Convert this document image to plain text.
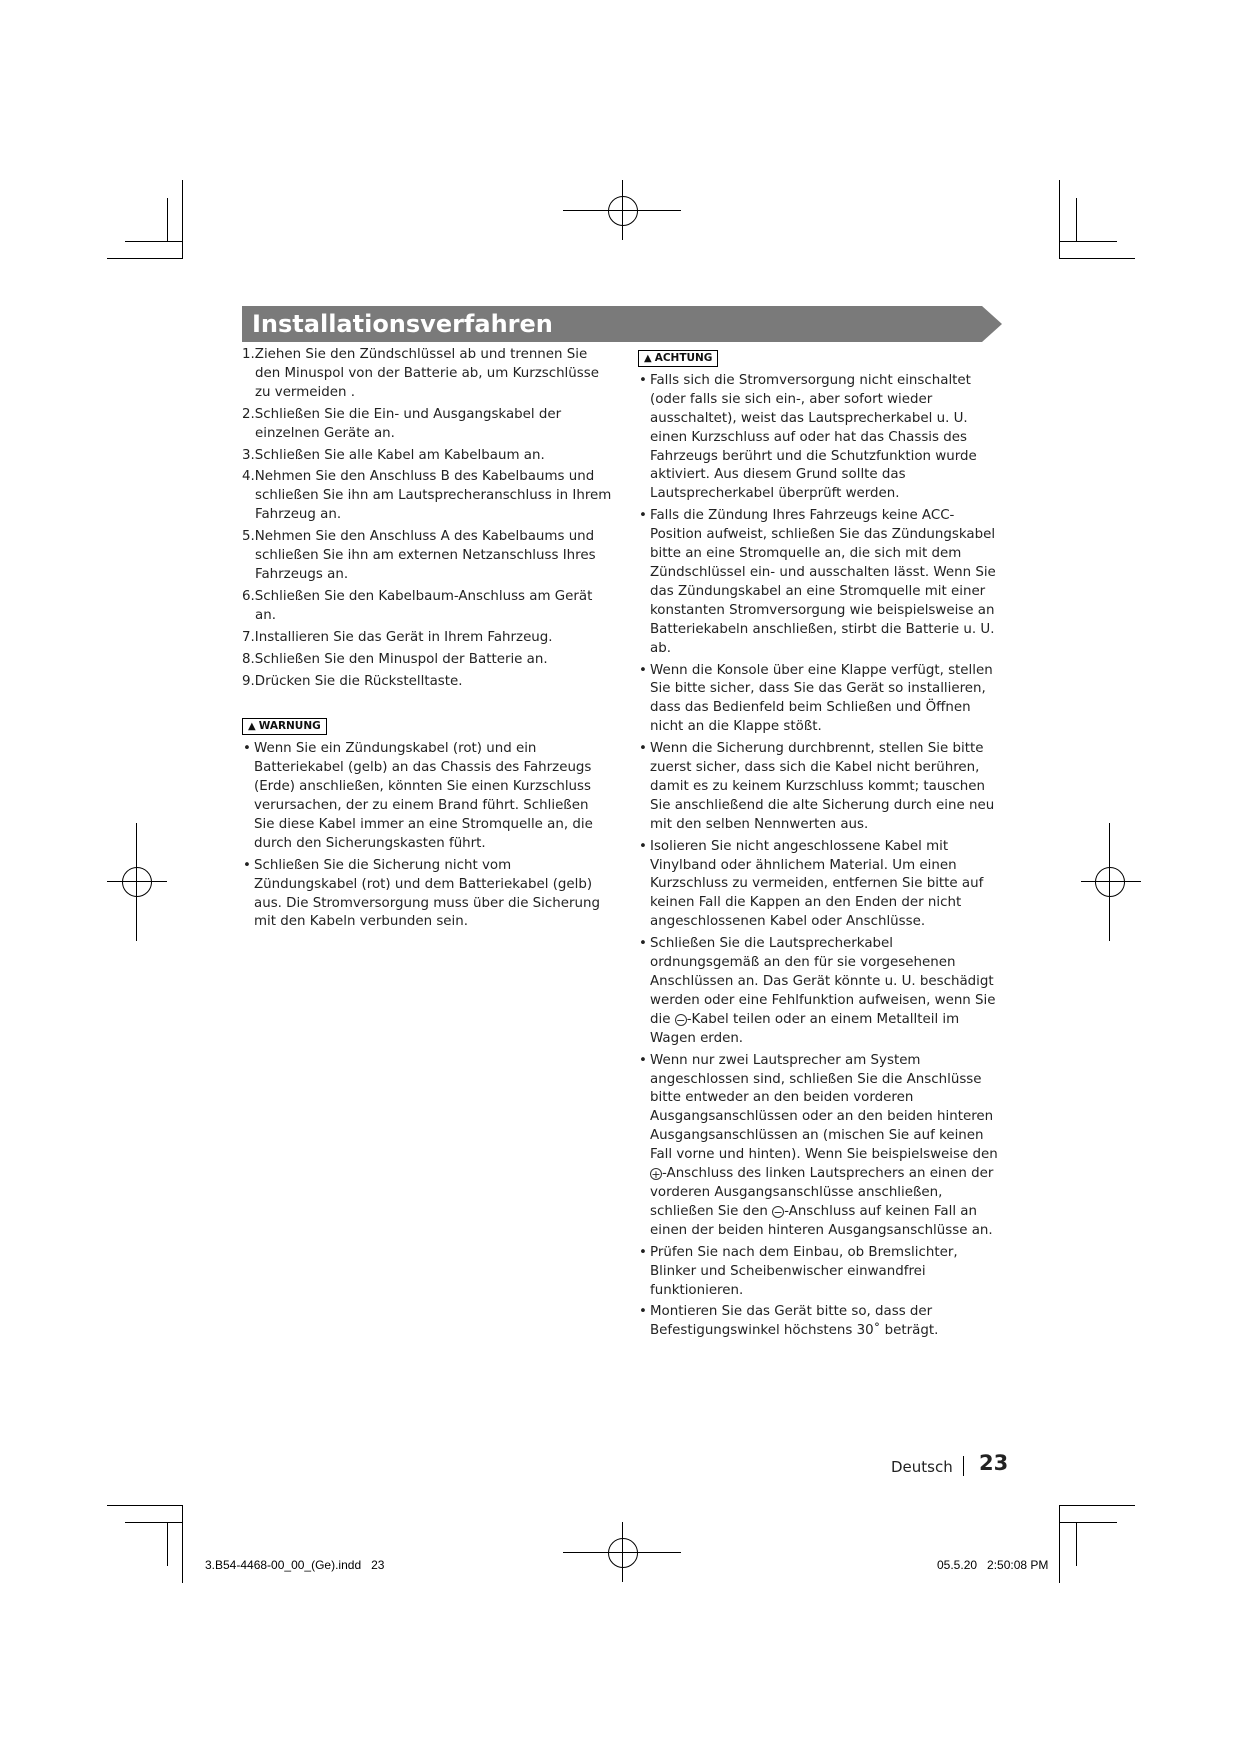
Installationsverfahren
1.Ziehen Sie den Zündschlüssel ab und trennen Sie den Minuspol von der Batterie ab, um Kurzschlüsse zu vermeiden .
2.Schließen Sie die Ein- und Ausgangskabel der einzelnen Geräte an.
3.Schließen Sie alle Kabel am Kabelbaum an.
4.Nehmen Sie den Anschluss B des Kabelbaums und schließen Sie ihn am Lautsprecheranschluss in Ihrem Fahrzeug an.
5.Nehmen Sie den Anschluss A des Kabelbaums und schließen Sie ihn am externen Netzanschluss Ihres Fahrzeugs an.
6.Schließen Sie den Kabelbaum-Anschluss am Gerät an.
7.Installieren Sie das Gerät in Ihrem Fahrzeug.
8.Schließen Sie den Minuspol der Batterie an.
9.Drücken Sie die Rückstelltaste.
▲ WARNUNG
• Wenn Sie ein Zündungskabel (rot) und ein Batteriekabel (gelb) an das Chassis des Fahrzeugs (Erde) anschließen, könnten Sie einen Kurzschluss verursachen, der zu einem Brand führt. Schließen Sie diese Kabel immer an eine Stromquelle an, die durch den Sicherungskasten führt.
• Schließen Sie die Sicherung nicht vom Zündungskabel (rot) und dem Batteriekabel (gelb) aus. Die Stromversorgung muss über die Sicherung mit den Kabeln verbunden sein.
▲ ACHTUNG
• Falls sich die Stromversorgung nicht einschaltet (oder falls sie sich ein-, aber sofort wieder ausschaltet), weist das Lautsprecherkabel u. U. einen Kurzschluss auf oder hat das Chassis des Fahrzeugs berührt und die Schutzfunktion wurde aktiviert. Aus diesem Grund sollte das Lautsprecherkabel überprüft werden.
• Falls die Zündung Ihres Fahrzeugs keine ACC-Position aufweist, schließen Sie das Zündungskabel bitte an eine Stromquelle an, die sich mit dem Zündschlüssel ein- und ausschalten lässt. Wenn Sie das Zündungskabel an eine Stromquelle mit einer konstanten Stromversorgung wie beispielsweise an Batteriekabeln anschließen, stirbt die Batterie u. U. ab.
• Wenn die Konsole über eine Klappe verfügt, stellen Sie bitte sicher, dass Sie das Gerät so installieren, dass das Bedienfeld beim Schließen und Öffnen nicht an die Klappe stößt.
• Wenn die Sicherung durchbrennt, stellen Sie bitte zuerst sicher, dass sich die Kabel nicht berühren, damit es zu keinem Kurzschluss kommt; tauschen Sie anschließend die alte Sicherung durch eine neu mit den selben Nennwerten aus.
• Isolieren Sie nicht angeschlossene Kabel mit Vinylband oder ähnlichem Material. Um einen Kurzschluss zu vermeiden, entfernen Sie bitte auf keinen Fall die Kappen an den Enden der nicht angeschlossenen Kabel oder Anschlüsse.
• Schließen Sie die Lautsprecherkabel ordnungsgemäß an den für sie vorgesehenen Anschlüssen an. Das Gerät könnte u. U. beschädigt werden oder eine Fehlfunktion aufweisen, wenn Sie die −-Kabel teilen oder an einem Metallteil im Wagen erden.
• Wenn nur zwei Lautsprecher am System angeschlossen sind, schließen Sie die Anschlüsse bitte entweder an den beiden vorderen Ausgangsanschlüssen oder an den beiden hinteren Ausgangsanschlüssen an (mischen Sie auf keinen Fall vorne und hinten). Wenn Sie beispielsweise den +-Anschluss des linken Lautsprechers an einen der vorderen Ausgangsanschlüsse anschließen, schließen Sie den −-Anschluss auf keinen Fall an einen der beiden hinteren Ausgangsanschlüsse an.
• Prüfen Sie nach dem Einbau, ob Bremslichter, Blinker und Scheibenwischer einwandfrei funktionieren.
• Montieren Sie das Gerät bitte so, dass der Befestigungswinkel höchstens 30˚ beträgt.
Deutsch 23
3.B54-4468-00_00_(Ge).indd   23	05.5.20   2:50:08 PM
